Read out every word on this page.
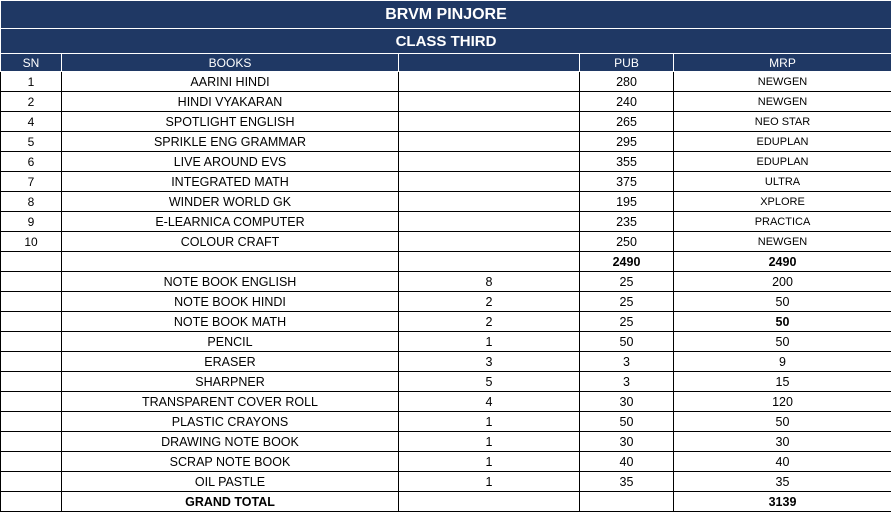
BRVM PINJORE				
CLASS THIRD				
SN	BOOKS		PUB	MRP
1	AARINI HINDI		280	NEWGEN
2	HINDI VYAKARAN		240	NEWGEN
4	SPOTLIGHT ENGLISH		265	NEO STAR
5	SPRIKLE ENG GRAMMAR		295	EDUPLAN
6	LIVE AROUND EVS		355	EDUPLAN
7	INTEGRATED MATH		375	ULTRA
8	WINDER WORLD GK		195	XPLORE
9	E-LEARNICA COMPUTER		235	PRACTICA
10	COLOUR CRAFT		250	NEWGEN
			2490	2490
	NOTE BOOK ENGLISH	8	25	200
	NOTE BOOK HINDI	2	25	50
	NOTE BOOK MATH	2	25	50
	PENCIL	1	50	50
	ERASER	3	3	9
	SHARPNER	5	3	15
	TRANSPARENT COVER ROLL	4	30	120
	PLASTIC CRAYONS	1	50	50
	DRAWING NOTE BOOK	1	30	30
	SCRAP NOTE BOOK	1	40	40
	OIL PASTLE	1	35	35
	GRAND TOTAL			3139
